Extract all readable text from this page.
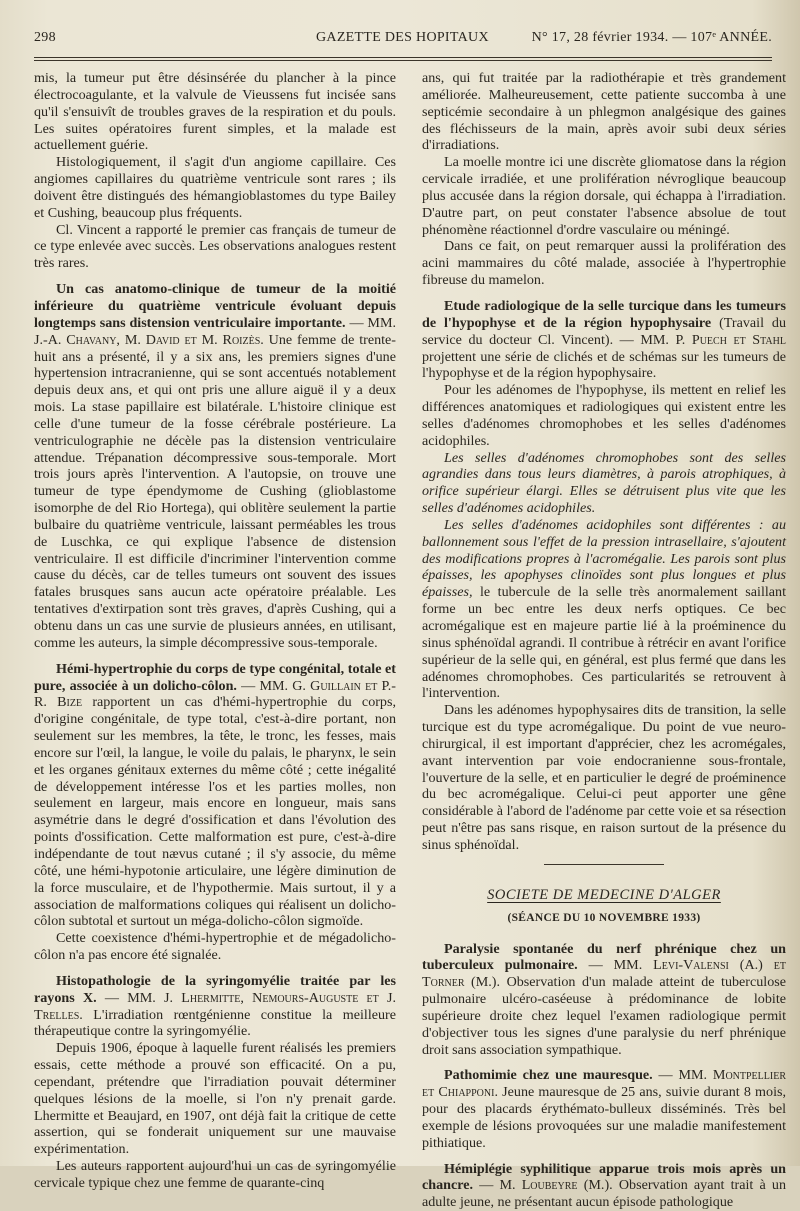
298	GAZETTE DES HOPITAUX	N° 17, 28 février 1934. — 107ᵉ ANNÉE.

mis, la tumeur put être désinsérée du plancher à la pince électrocoagulante, et la valvule de Vieussens fut incisée sans qu'il s'ensuivît de troubles graves de la respiration et du pouls. Les suites opératoires furent simples, et la malade est actuellement guérie.

Histologiquement, il s'agit d'un angiome capillaire. Ces angiomes capillaires du quatrième ventricule sont rares ; ils doivent être distingués des hémangioblastomes du type Bailey et Cushing, beaucoup plus fréquents.

Cl. Vincent a rapporté le premier cas français de tumeur de ce type enlevée avec succès. Les observations analogues restent très rares.

Un cas anatomo-clinique de tumeur de la moitié inférieure du quatrième ventricule évoluant depuis longtemps sans distension ventriculaire importante. — MM. J.-A. Chavany, M. David et M. Roizès. Une femme de trente-huit ans a présenté, il y a six ans, les premiers signes d'une hypertension intracranienne, qui se sont accentués notablement depuis deux ans, et qui ont pris une allure aiguë il y a deux mois. La stase papillaire est bilatérale. L'histoire clinique est celle d'une tumeur de la fosse cérébrale postérieure. La ventriculographie ne décèle pas la distension ventriculaire attendue. Trépanation décompressive sous-temporale. Mort trois jours après l'intervention. A l'autopsie, on trouve une tumeur de type épendymome de Cushing (glioblastome isomorphe de del Rio Hortega), qui oblitère seulement la partie bulbaire du quatrième ventricule, laissant perméables les trous de Luschka, ce qui explique l'absence de distension ventriculaire. Il est difficile d'incriminer l'intervention comme cause du décès, car de telles tumeurs ont souvent des issues fatales brusques sans aucun acte opératoire préalable. Les tentatives d'extirpation sont très graves, d'après Cushing, qui a obtenu dans un cas une survie de plusieurs années, en utilisant, comme les auteurs, la simple décompressive sous-temporale.

Hémi-hypertrophie du corps de type congénital, totale et pure, associée à un dolicho-côlon. — MM. G. Guillain et P.-R. Bize rapportent un cas d'hémi-hypertrophie du corps, d'origine congénitale, de type total, c'est-à-dire portant, non seulement sur les membres, la tête, le tronc, les fesses, mais encore sur l'œil, la langue, le voile du palais, le pharynx, le sein et les organes génitaux externes du même côté ; cette inégalité de développement intéresse l'os et les parties molles, non seulement en largeur, mais encore en longueur, mais sans asymétrie dans le degré d'ossification et dans l'évolution des points d'ossification. Cette malformation est pure, c'est-à-dire indépendante de tout nævus cutané ; il s'y associe, du même côté, une hémi-hypotonie articulaire, une légère diminution de la force musculaire, et de l'hypothermie. Mais surtout, il y a association de malformations coliques qui réalisent un dolicho-côlon subtotal et surtout un méga-dolicho-côlon sigmoïde.

Cette coexistence d'hémi-hypertrophie et de mégadolicho-côlon n'a pas encore été signalée.

Histopathologie de la syringomyélie traitée par les rayons X. — MM. J. Lhermitte, Nemours-Auguste et J. Trelles. L'irradiation rœntgénienne constitue la meilleure thérapeutique contre la syringomyélie.

Depuis 1906, époque à laquelle furent réalisés les premiers essais, cette méthode a prouvé son efficacité. On a pu, cependant, prétendre que l'irradiation pouvait déterminer quelques lésions de la moelle, si l'on n'y prenait garde. Lhermitte et Beaujard, en 1907, ont déjà fait la critique de cette assertion, qui se fonderait uniquement sur une mauvaise expérimentation.

Les auteurs rapportent aujourd'hui un cas de syringomyélie cervicale typique chez une femme de quarante-cinq

ans, qui fut traitée par la radiothérapie et très grandement améliorée. Malheureusement, cette patiente succomba à une septicémie secondaire à un phlegmon analgésique des gaines des fléchisseurs de la main, après avoir subi deux séries d'irradiations.

La moelle montre ici une discrète gliomatose dans la région cervicale irradiée, et une prolifération névroglique beaucoup plus accusée dans la région dorsale, qui échappa à l'irradiation. D'autre part, on peut constater l'absence absolue de tout phénomène réactionnel d'ordre vasculaire ou méningé.

Dans ce fait, on peut remarquer aussi la prolifération des acini mammaires du côté malade, associée à l'hypertrophie fibreuse du mamelon.

Etude radiologique de la selle turcique dans les tumeurs de l'hypophyse et de la région hypophysaire (Travail du service du docteur Cl. Vincent). — MM. P. Puech et Stahl projettent une série de clichés et de schémas sur les tumeurs de l'hypophyse et de la région hypophysaire.

Pour les adénomes de l'hypophyse, ils mettent en relief les différences anatomiques et radiologiques qui existent entre les selles d'adénomes chromophobes et les selles d'adénomes acidophiles.

Les selles d'adénomes chromophobes sont des selles agrandies dans tous leurs diamètres, à parois atrophiques, à orifice supérieur élargi. Elles se détruisent plus vite que les selles d'adénomes acidophiles.

Les selles d'adénomes acidophiles sont différentes : au ballonnement sous l'effet de la pression intrasellaire, s'ajoutent des modifications propres à l'acromégalie. Les parois sont plus épaisses, les apophyses clinoïdes sont plus longues et plus épaisses, le tubercule de la selle très anormalement saillant forme un bec entre les deux nerfs optiques. Ce bec acromégalique est en majeure partie lié à la proéminence du sinus sphénoïdal agrandi. Il contribue à rétrécir en avant l'orifice supérieur de la selle qui, en général, est plus fermé que dans les adénomes chromophobes. Ces particularités se retrouvent à l'intervention.

Dans les adénomes hypophysaires dits de transition, la selle turcique est du type acromégalique. Du point de vue neuro-chirurgical, il est important d'apprécier, chez les acromégales, avant intervention par voie endocranienne sous-frontale, l'ouverture de la selle, et en particulier le degré de proéminence du bec acromégalique. Celui-ci peut apporter une gêne considérable à l'abord de l'adénome par cette voie et sa résection peut n'être pas sans risque, en raison surtout de la présence du sinus sphénoïdal.

SOCIETE DE MEDECINE D'ALGER
(SÉANCE DU 10 NOVEMBRE 1933)

Paralysie spontanée du nerf phrénique chez un tuberculeux pulmonaire. — MM. Levi-Valensi (A.) et Torner (M.). Observation d'un malade atteint de tuberculose pulmonaire ulcéro-caséeuse à prédominance de lobite supérieure droite chez lequel l'examen radiologique permit d'objectiver tous les signes d'une paralysie du nerf phrénique droit sans association sympathique.

Pathomimie chez une mauresque. — MM. Montpellier et Chiapponi. Jeune mauresque de 25 ans, suivie durant 8 mois, pour des placards érythémato-bulleux disséminés. Très bel exemple de lésions provoquées sur une maladie manifestement pithiatique.

Hémiplégie syphilitique apparue trois mois après un chancre. — M. Loubeyre (M.). Observation ayant trait à un adulte jeune, ne présentant aucun épisode pathologique
